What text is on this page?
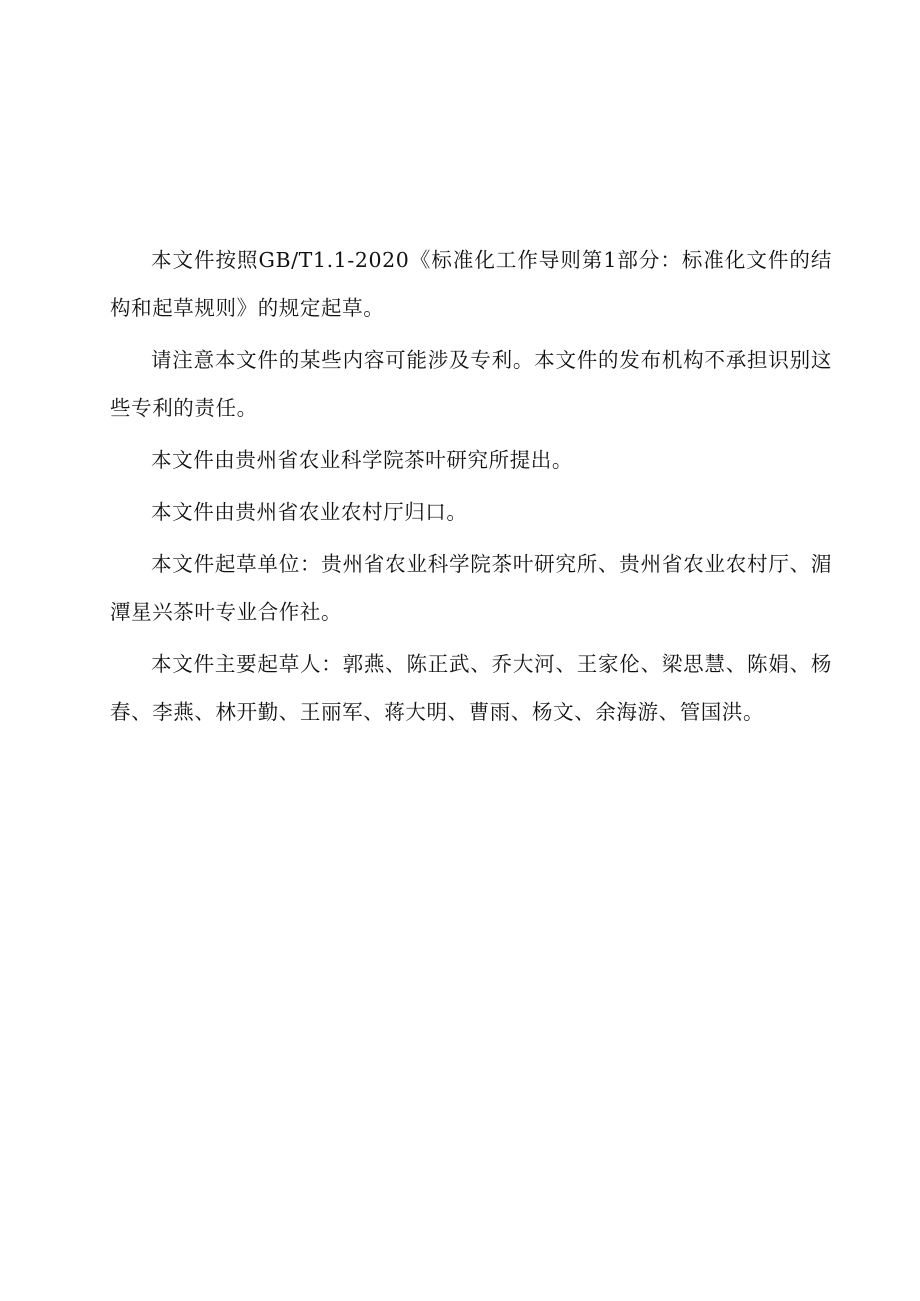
本文件按照GB/T1.1-2020《标准化工作导则第1部分：标准化文件的结构和起草规则》的规定起草。

请注意本文件的某些内容可能涉及专利。本文件的发布机构不承担识别这些专利的责任。

本文件由贵州省农业科学院茶叶研究所提出。

本文件由贵州省农业农村厅归口。

本文件起草单位：贵州省农业科学院茶叶研究所、贵州省农业农村厅、湄潭星兴茶叶专业合作社。

本文件主要起草人：郭燕、陈正武、乔大河、王家伦、梁思慧、陈娟、杨春、李燕、林开勤、王丽军、蒋大明、曹雨、杨文、余海游、管国洪。
